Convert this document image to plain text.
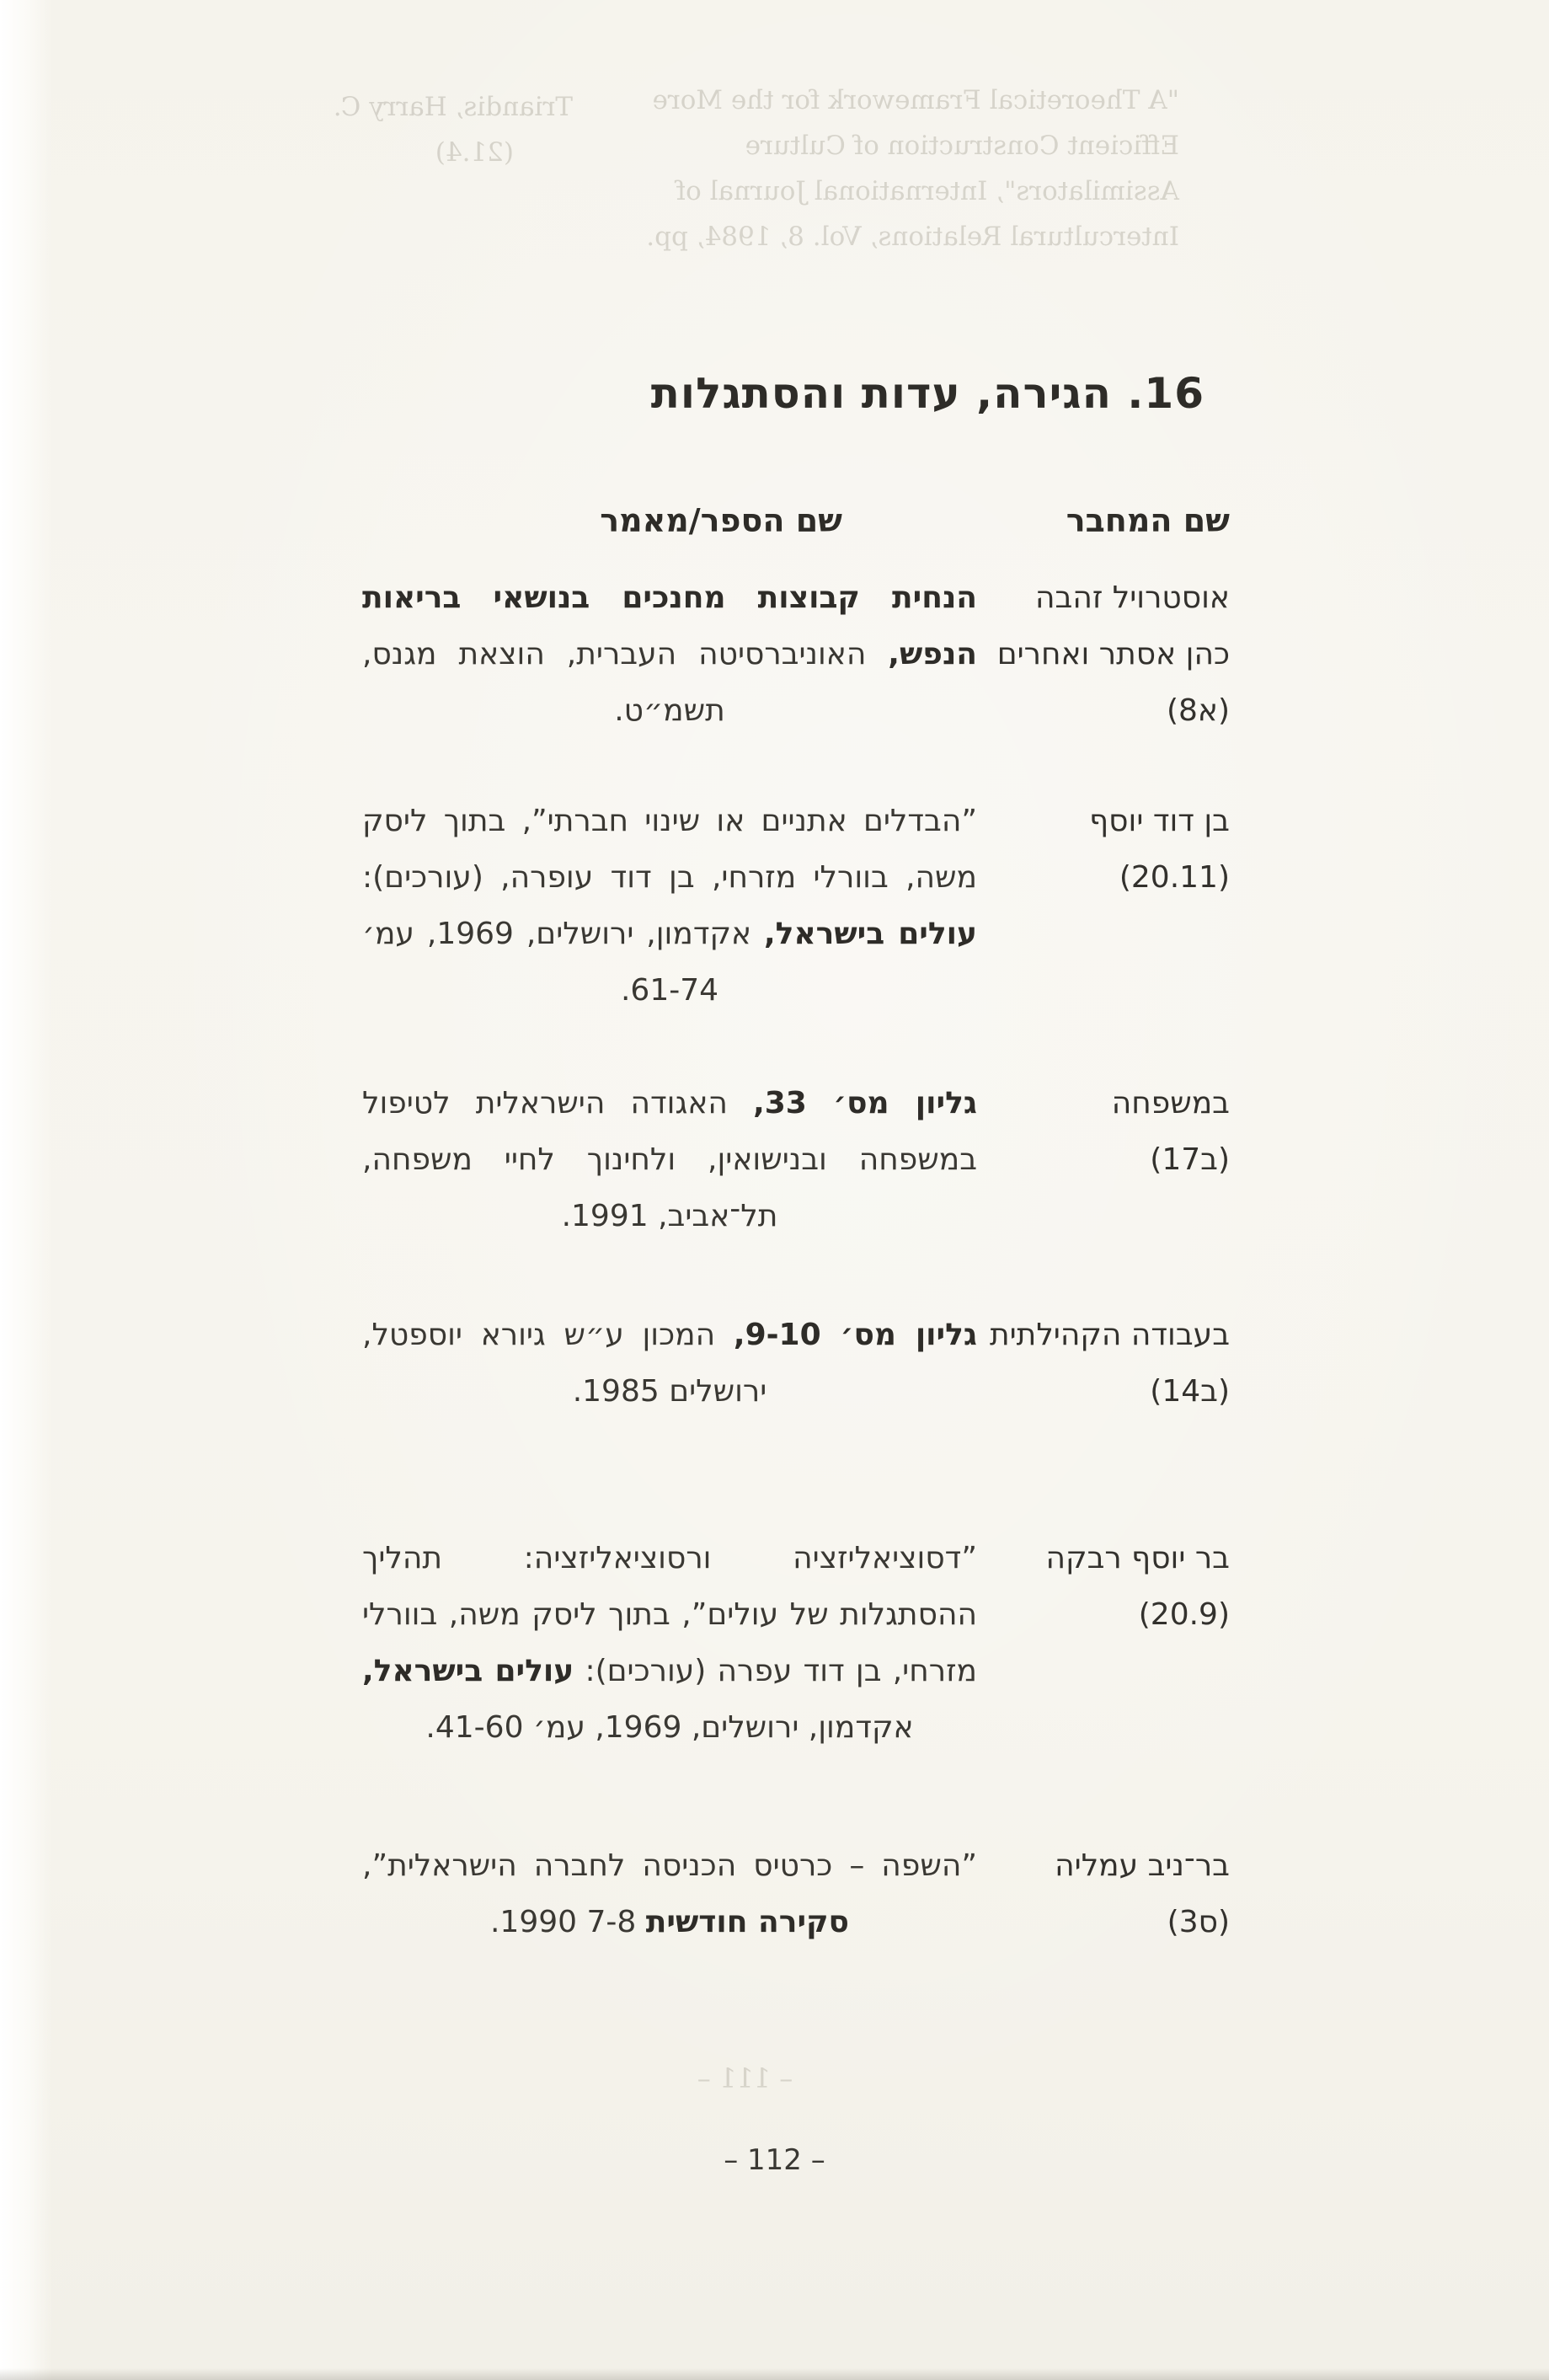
"A Theoretical Framework for the More
Efficient Construction of Culture
Assimilators", International Journal of
Intercultural Relations, Vol. 8, 1984, pp.
Triandis, Harry C.
(21.4)
– 111 –
16. הגירה, עדות והסתגלות
שם המחבר
שם הספר/מאמר
אוסטרויל זהבה
כהן אסתר ואחרים
(א8)
הנחית קבוצות מחנכים בנושאי בריאות הנפש, האוניברסיטה העברית, הוצאת מגנס, תשמ״ט.
בן דוד יוסף
(20.11)
”הבדלים אתניים או שינוי חברתי”, בתוך ליסק משה, בוורלי מזרחי, בן דוד עופרה, (עורכים): עולים בישראל, אקדמון, ירושלים, 1969, עמ׳ 61-74.
במשפחה
(ב17)
גליון מס׳ 33, האגודה הישראלית לטיפול במשפחה ובנישואין, ולחינוך לחיי משפחה, תל־אביב, 1991.
בעבודה הקהילתית
(ב14)
גליון מס׳ 9-10, המכון ע״ש גיורא יוספטל, ירושלים 1985.
בר יוסף רבקה
(20.9)
”דסוציאליזציה ורסוציאליזציה: תהליך ההסתגלות של עולים”, בתוך ליסק משה, בוורלי מזרחי, בן דוד עפרה (עורכים): עולים בישראל, אקדמון, ירושלים, 1969, עמ׳ 41-60.
בר־ניב עמליה
(ס3)
”השפה – כרטיס הכניסה לחברה הישראלית”, סקירה חודשית 7-8 1990.
– 112 –
